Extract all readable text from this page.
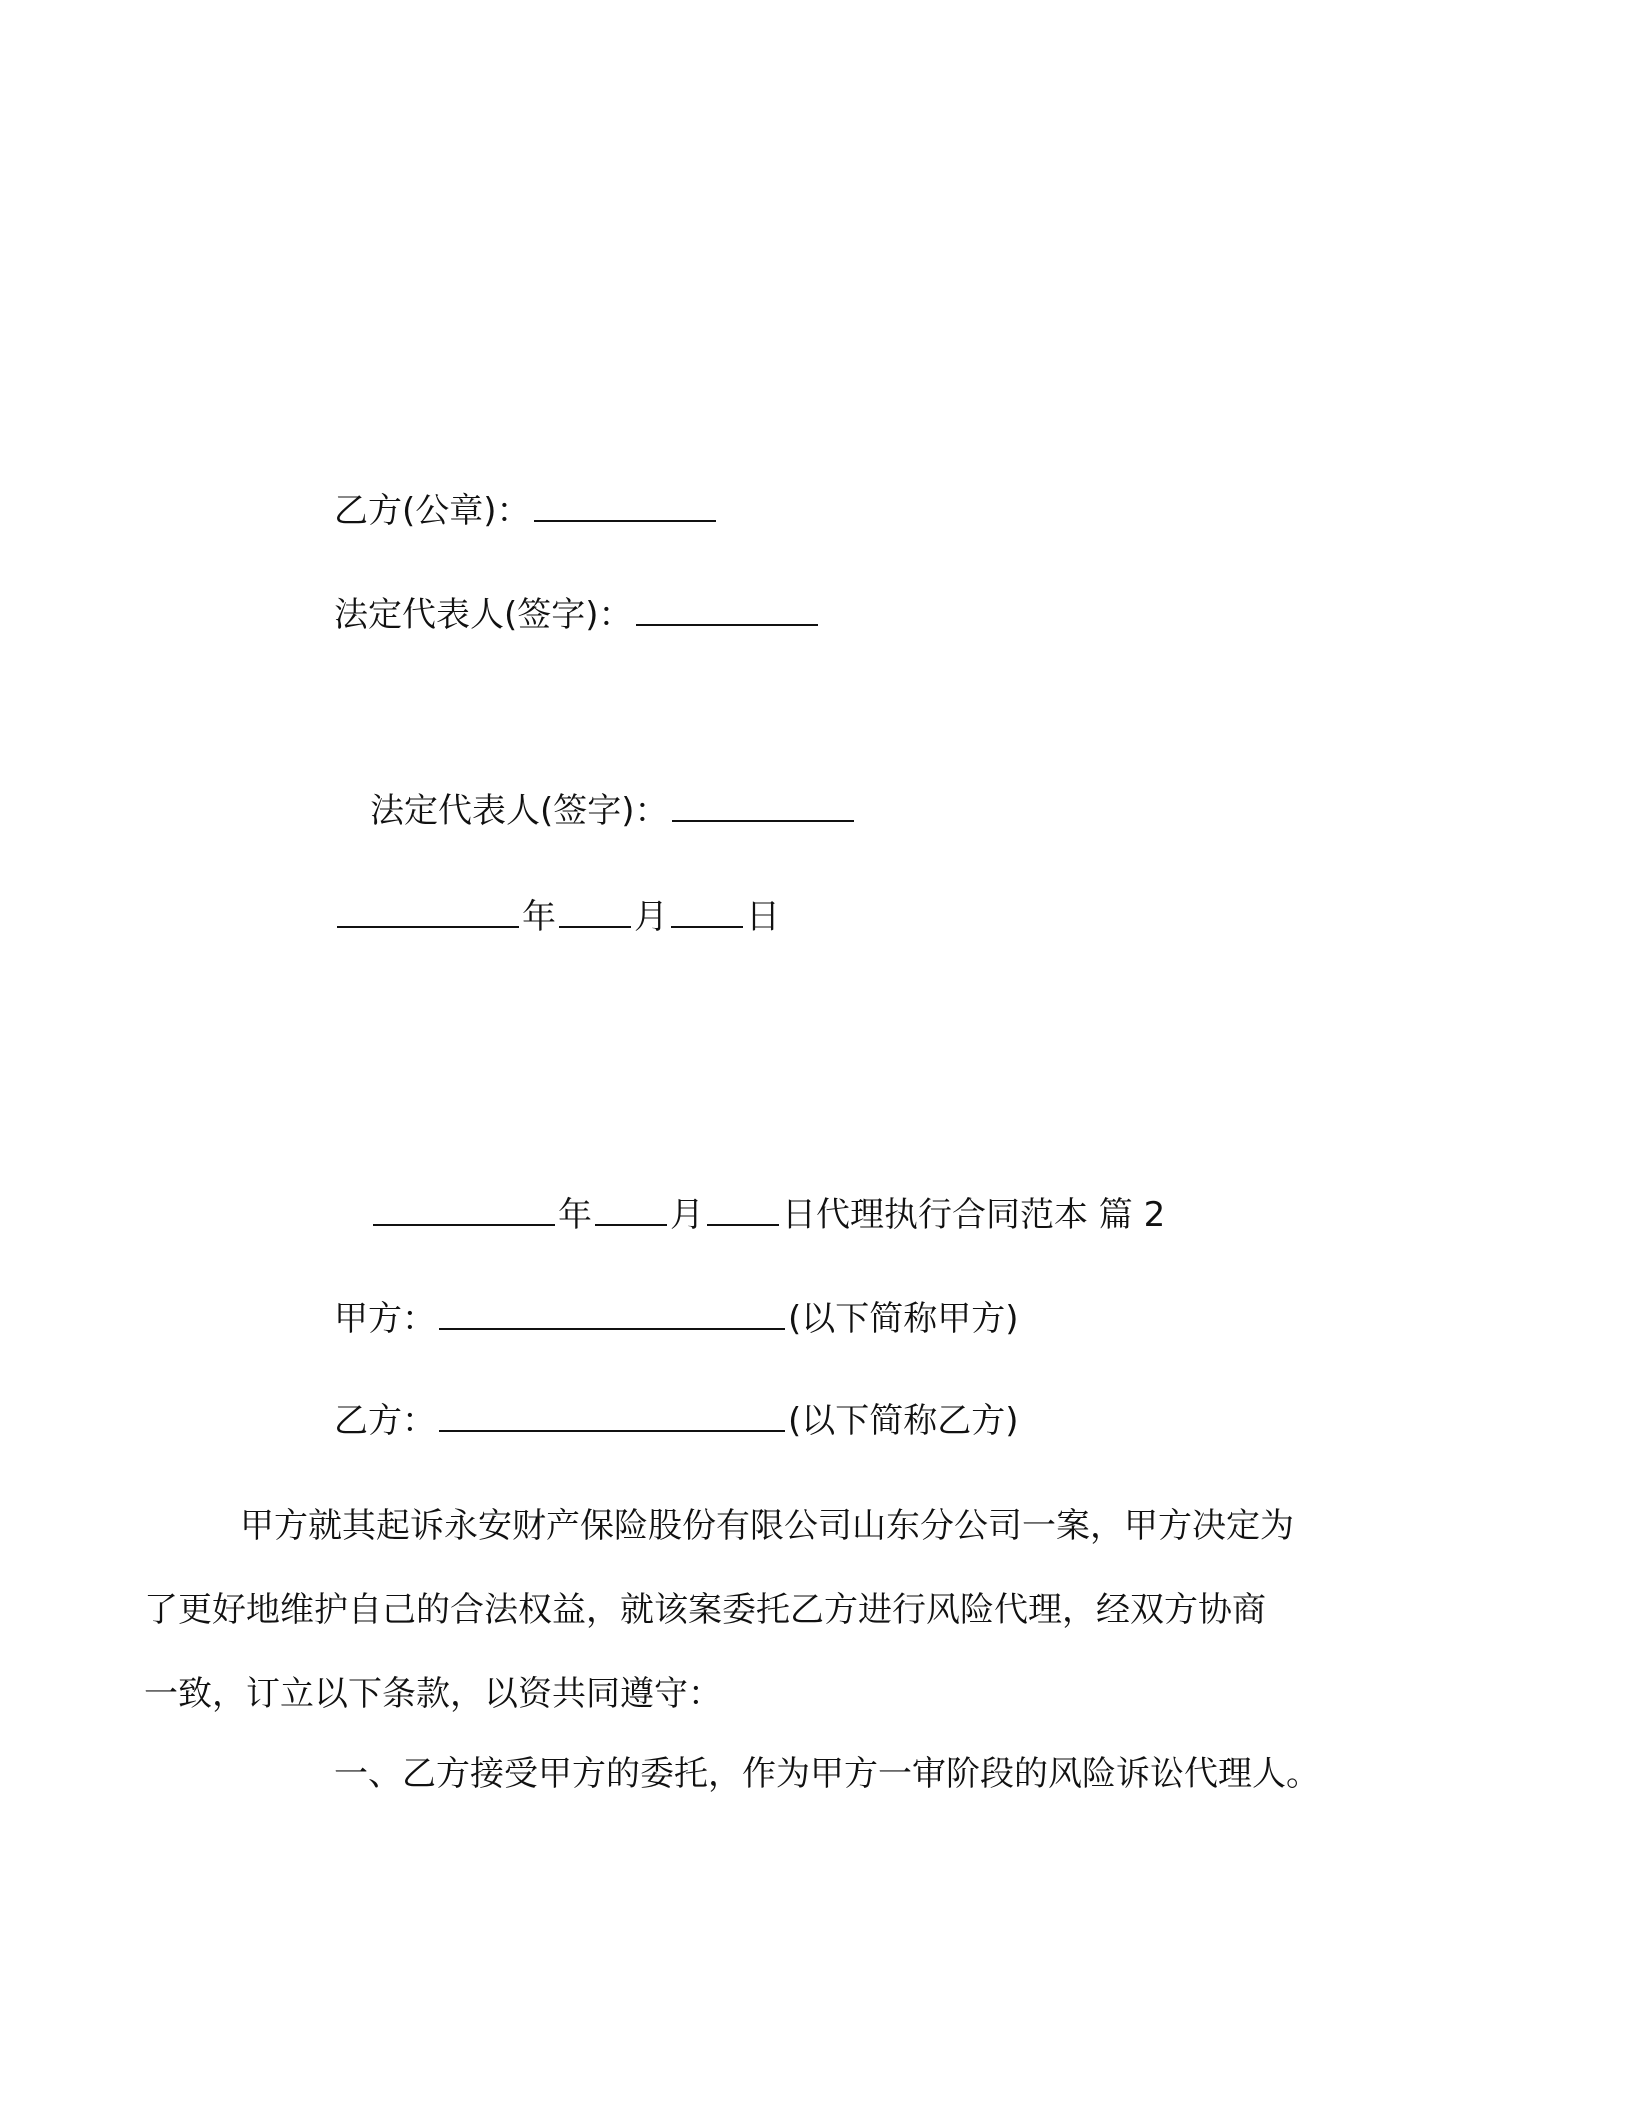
乙方(公章)：
法定代表人(签字)：
法定代表人(签字)：
年 月 日
年 月 日代理执行合同范本 篇 2
甲方：	(以下简称甲方)
乙方：	(以下简称乙方)
甲方就其起诉永安财产保险股份有限公司山东分公司一案，甲方决定为了更好地维护自己的合法权益，就该案委托乙方进行风险代理，经双方协商一致，订立以下条款，以资共同遵守：
一、乙方接受甲方的委托，作为甲方一审阶段的风险诉讼代理人。
